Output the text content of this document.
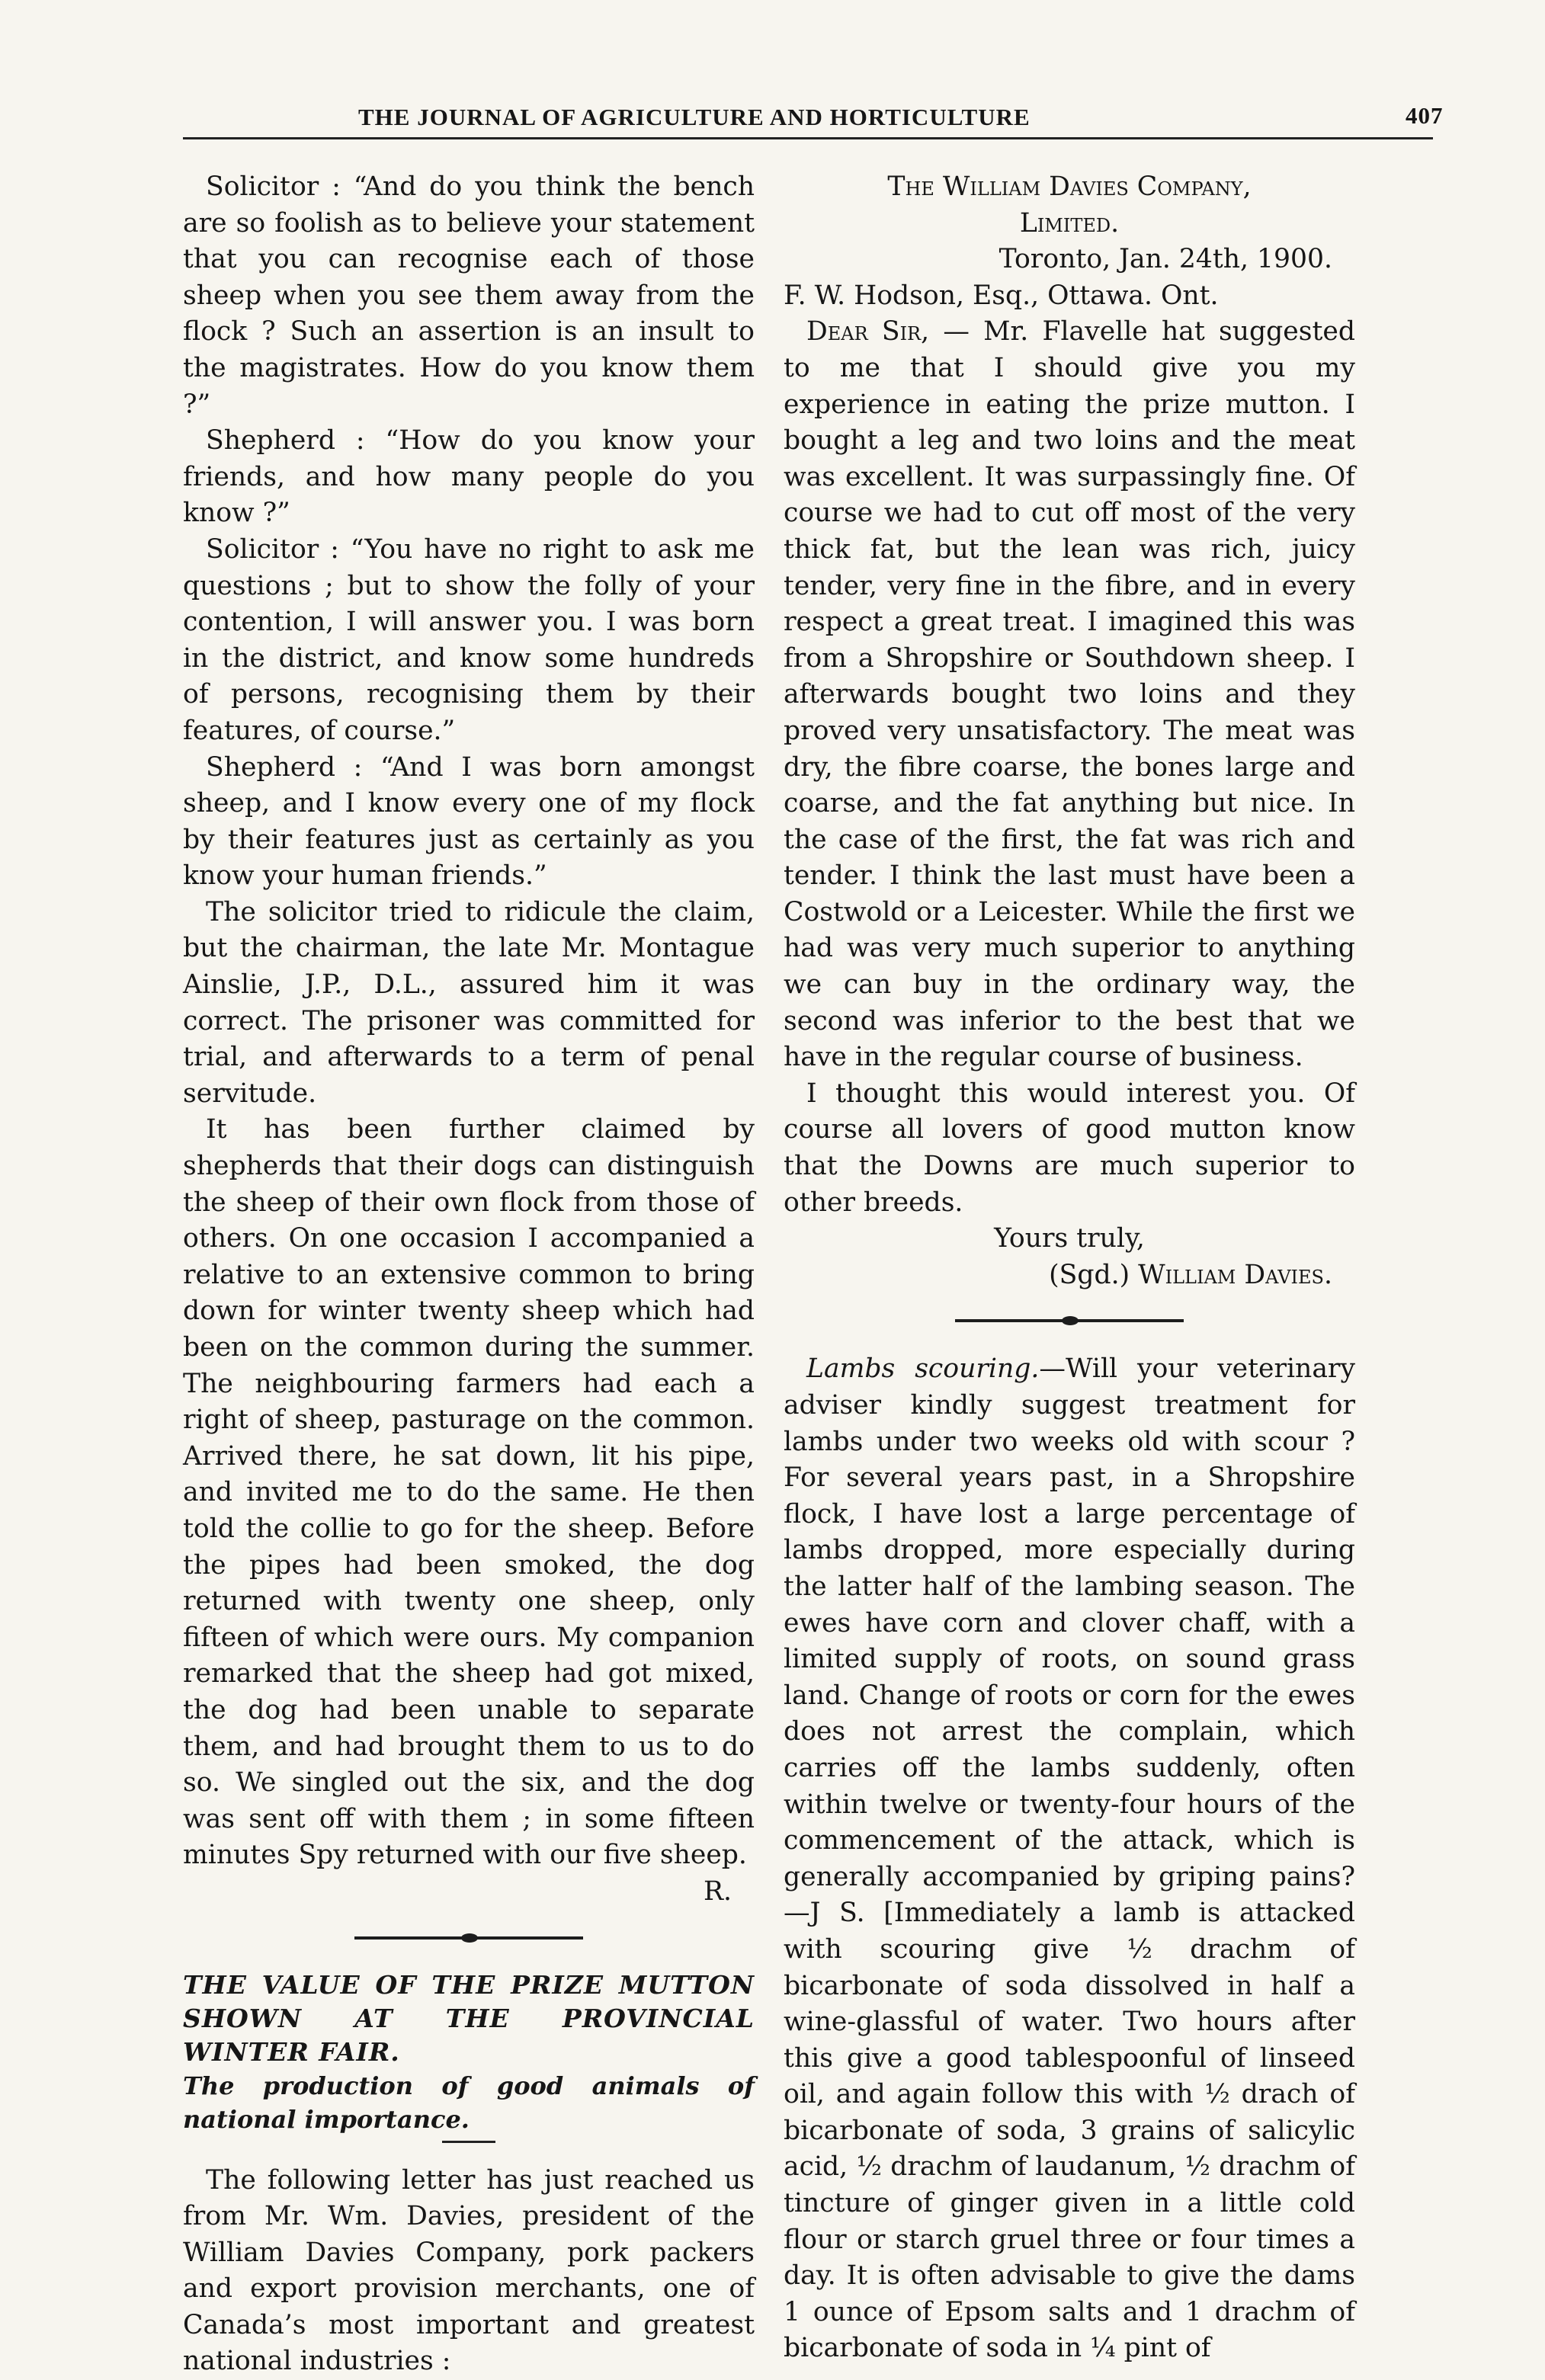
THE JOURNAL OF AGRICULTURE AND HORTICULTURE	407

Solicitor : “And do you think the bench are so foolish as to believe your statement that you can recognise each of those sheep when you see them away from the flock ? Such an assertion is an insult to the magistrates. How do you know them ?”

Shepherd : “How do you know your friends, and how many people do you know ?”

Solicitor : “You have no right to ask me questions ; but to show the folly of your contention, I will answer you. I was born in the district, and know some hundreds of persons, recognising them by their features, of course.”

Shepherd : “And I was born amongst sheep, and I know every one of my flock by their features just as certainly as you know your human friends.”

The solicitor tried to ridicule the claim, but the chairman, the late Mr. Montague Ainslie, J.P., D.L., assured him it was correct. The prisoner was committed for trial, and afterwards to a term of penal servitude.

It has been further claimed by shepherds that their dogs can distinguish the sheep of their own flock from those of others. On one occasion I accompanied a relative to an extensive common to bring down for winter twenty sheep which had been on the common during the summer. The neighbouring farmers had each a right of sheep, pasturage on the common. Arrived there, he sat down, lit his pipe, and invited me to do the same. He then told the collie to go for the sheep. Before the pipes had been smoked, the dog returned with twenty one sheep, only fifteen of which were ours. My companion remarked that the sheep had got mixed, the dog had been unable to separate them, and had brought them to us to do so. We singled out the six, and the dog was sent off with them ; in some fifteen minutes Spy returned with our five sheep.

R.

THE VALUE OF THE PRIZE MUTTON SHOWN AT THE PROVINCIAL WINTER FAIR.

The production of good animals of national importance.

The following letter has just reached us from Mr. Wm. Davies, president of the William Davies Company, pork packers and export provision merchants, one of Canada’s most important and greatest national industries :

The William Davies Company,

Limited.

Toronto, Jan. 24th, 1900.

F. W. Hodson, Esq., Ottawa. Ont.

Dear Sir, — Mr. Flavelle hat suggested to me that I should give you my experience in eating the prize mutton. I bought a leg and two loins and the meat was excellent. It was surpassingly fine. Of course we had to cut off most of the very thick fat, but the lean was rich, juicy tender, very fine in the fibre, and in every respect a great treat. I imagined this was from a Shropshire or Southdown sheep. I afterwards bought two loins and they proved very unsatisfactory. The meat was dry, the fibre coarse, the bones large and coarse, and the fat anything but nice. In the case of the first, the fat was rich and tender. I think the last must have been a Costwold or a Leicester. While the first we had was very much superior to anything we can buy in the ordinary way, the second was inferior to the best that we have in the regular course of business.

I thought this would interest you. Of course all lovers of good mutton know that the Downs are much superior to other breeds.

Yours truly,

(Sgd.) William Davies.

Lambs scouring.—Will your veterinary adviser kindly suggest treatment for lambs under two weeks old with scour ? For several years past, in a Shropshire flock, I have lost a large percentage of lambs dropped, more especially during the latter half of the lambing season. The ewes have corn and clover chaff, with a limited supply of roots, on sound grass land. Change of roots or corn for the ewes does not arrest the complain, which carries off the lambs suddenly, often within twelve or twenty-four hours of the commencement of the attack, which is generally accompanied by griping pains?—J S. [Immediately a lamb is attacked with scouring give ½ drachm of bicarbonate of soda dissolved in half a wine-glassful of water. Two hours after this give a good tablespoonful of linseed oil, and again follow this with ½ drach of bicarbonate of soda, 3 grains of salicylic acid, ½ drachm of laudanum, ½ drachm of tincture of ginger given in a little cold flour or starch gruel three or four times a day. It is often advisable to give the dams 1 ounce of Epsom salts and 1 drachm of bicarbonate of soda in ¼ pint of
